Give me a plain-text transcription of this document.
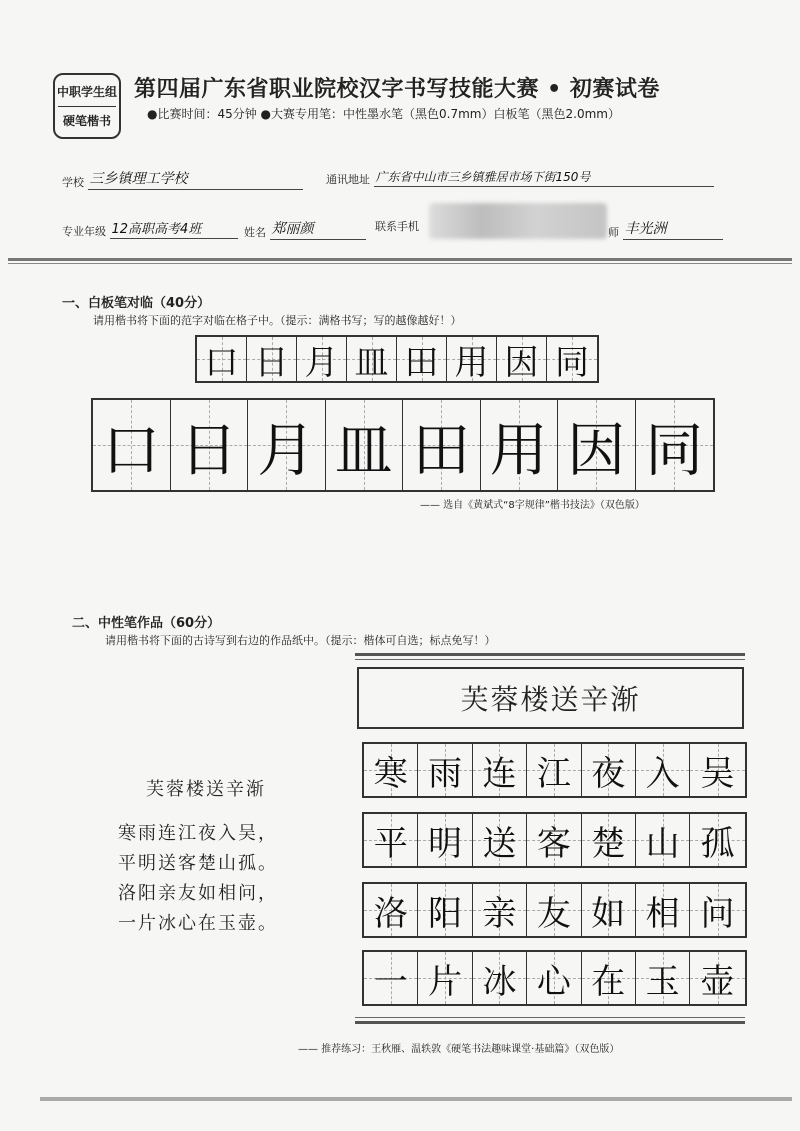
中职学生组
硬笔楷书
第四届广东省职业院校汉字书写技能大赛 • 初赛试卷
●比赛时间：45分钟 ●大赛专用笔：中性墨水笔（黑色0.7mm）白板笔（黑色2.0mm）
学校 三乡镇理工学校	通讯地址 广东省中山市三乡镇雅居市场下街150号
专业年级 12高职高考4班	姓名 郑丽颜	联系手机	师 丰光洲
一、白板笔对临（40分）
请用楷书将下面的范字对临在格子中。（提示：满格书写；写的越像越好！）
口 日 月 皿 田 用 因 同
口 日 月 皿 田 用 因 同
—— 选自《黄斌式“8字规律”楷书技法》（双色版）
二、中性笔作品（60分）
请用楷书将下面的古诗写到右边的作品纸中。（提示：楷体可自选；标点免写！）
芙蓉楼送辛渐
寒雨连江夜入吴，
平明送客楚山孤。
洛阳亲友如相问，
一片冰心在玉壶。
芙蓉楼送辛渐
寒 雨 连 江 夜 入 吴
平 明 送 客 楚 山 孤
洛 阳 亲 友 如 相 问
一 片 冰 心 在 玉 壶
—— 推荐练习：王秋雁、温轶敦《硬笔书法趣味课堂·基础篇》（双色版）
